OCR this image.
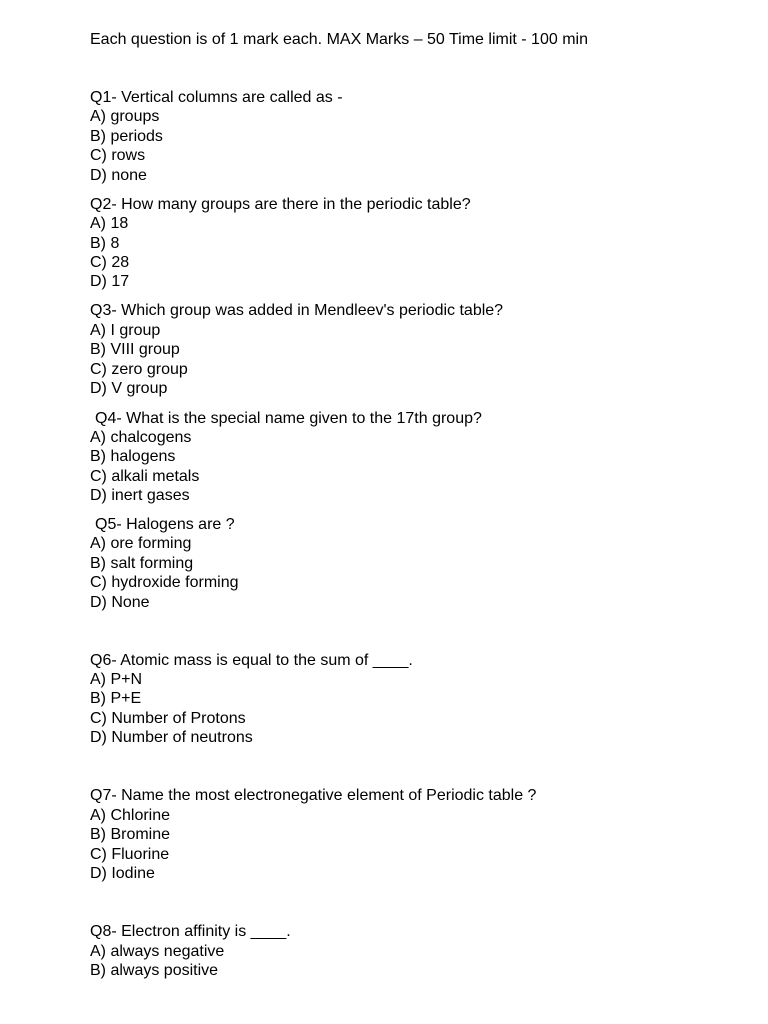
Each question is of 1 mark each. MAX Marks – 50 Time limit - 100 min
Q1- Vertical columns are called as -
A) groups
B) periods
C) rows
D) none
Q2- How many groups are there in the periodic table?
A) 18
B) 8
C) 28
D) 17
Q3- Which group was added in Mendleev's periodic table?
A) I group
B) VIII group
C) zero group
D) V group
Q4- What is the special name given to the 17th group?
A) chalcogens
B) halogens
C) alkali metals
D) inert gases
Q5- Halogens are ?
A) ore forming
B) salt forming
C) hydroxide forming
D) None
Q6- Atomic mass is equal to the sum of ____.
A) P+N
B) P+E
C) Number of Protons
D) Number of neutrons
Q7- Name the most electronegative element of Periodic table ?
A) Chlorine
B) Bromine
C) Fluorine
D) Iodine
Q8- Electron affinity is ____.
A) always negative
B) always positive
